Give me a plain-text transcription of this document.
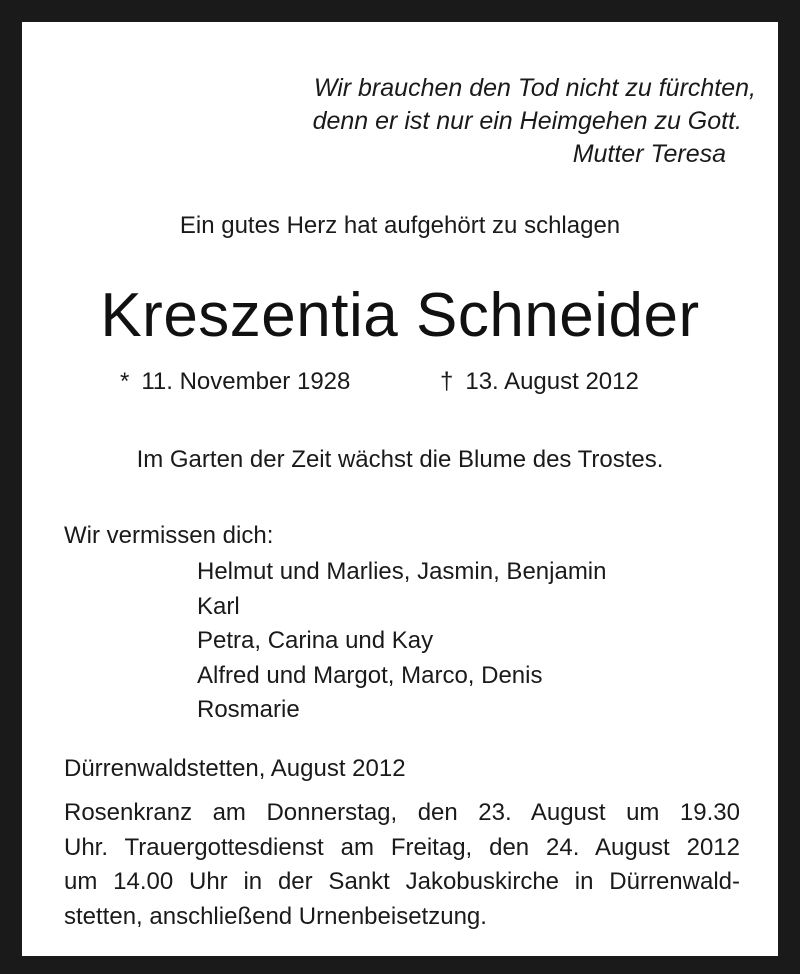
Wir brauchen den Tod nicht zu fürchten,
denn er ist nur ein Heimgehen zu Gott.
Mutter Teresa
Ein gutes Herz hat aufgehört zu schlagen
Kreszentia Schneider
* 11. November 1928	† 13. August 2012
Im Garten der Zeit wächst die Blume des Trostes.
Wir vermissen dich:
Helmut und Marlies, Jasmin, Benjamin
Karl
Petra, Carina und Kay
Alfred und Margot, Marco, Denis
Rosmarie
Dürrenwaldstetten, August 2012
Rosenkranz am Donnerstag, den 23. August um 19.30
Uhr. Trauergottesdienst am Freitag, den 24. August 2012
um 14.00 Uhr in der Sankt Jakobuskirche in Dürrenwald-
stetten, anschließend Urnenbeisetzung.
